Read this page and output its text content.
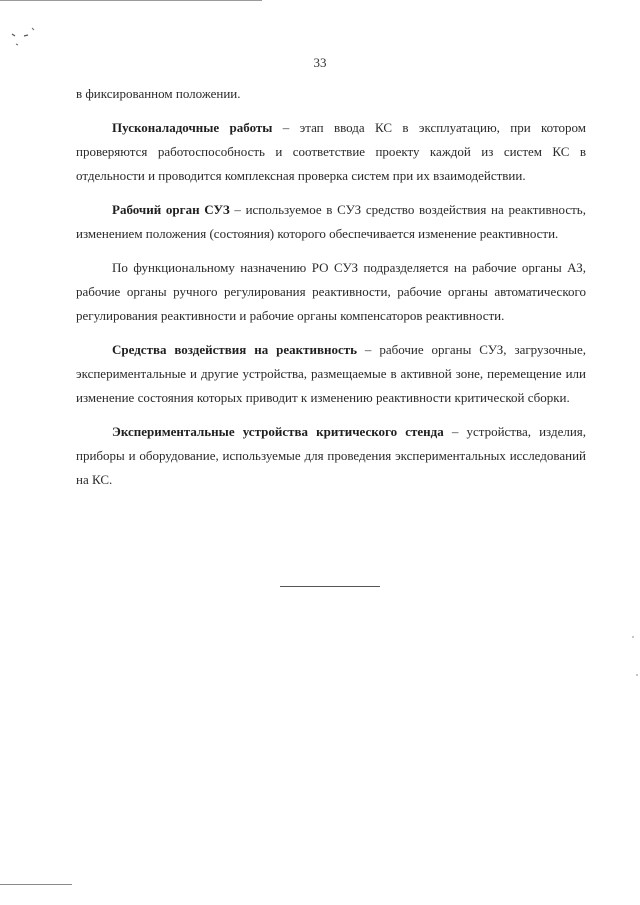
33

в фиксированном положении.

Пусконаладочные работы – этап ввода КС в эксплуатацию, при котором проверяются работоспособность и соответствие проекту каждой из систем КС в отдельности и проводится комплексная проверка систем при их взаимодействии.

Рабочий орган СУЗ – используемое в СУЗ средство воздействия на реактивность, изменением положения (состояния) которого обеспечивается изменение реактивности.

По функциональному назначению РО СУЗ подразделяется на рабочие органы АЗ, рабочие органы ручного регулирования реактивности, рабочие органы автоматического регулирования реактивности и рабочие органы компенсаторов реактивности.

Средства воздействия на реактивность – рабочие органы СУЗ, загрузочные, экспериментальные и другие устройства, размещаемые в активной зоне, перемещение или изменение состояния которых приводит к изменению реактивности критической сборки.

Экспериментальные устройства критического стенда – устройства, изделия, приборы и оборудование, используемые для проведения экспериментальных исследований на КС.
